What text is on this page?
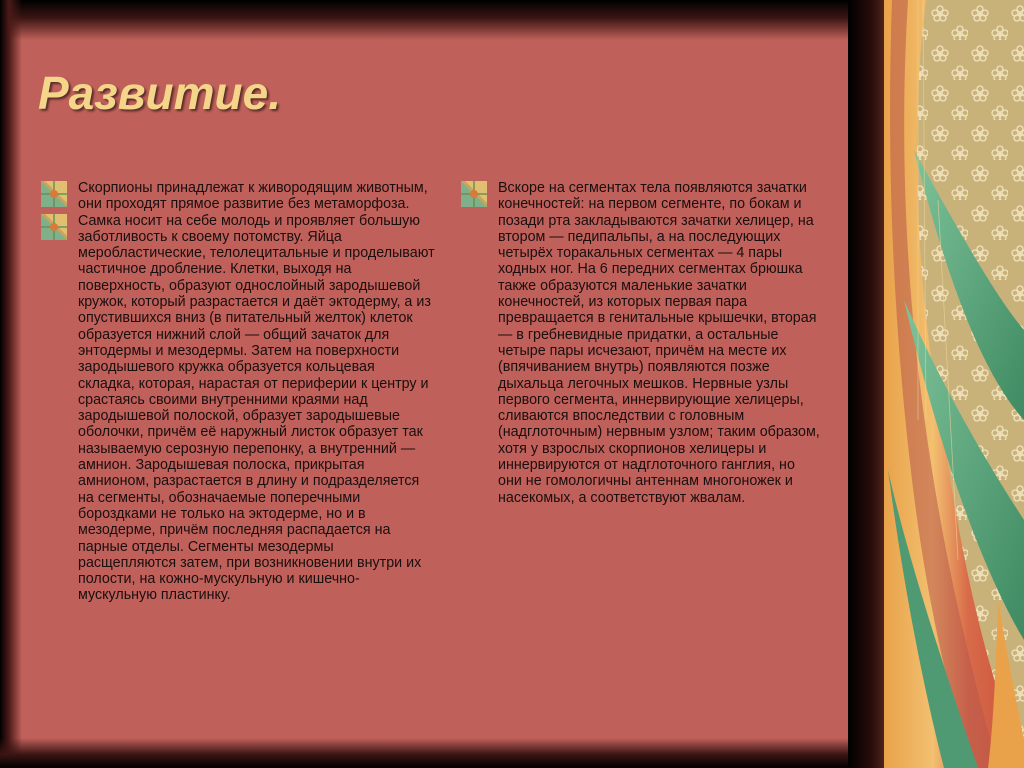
Развитие.
Скорпионы принадлежат к живородящим животным, они проходят прямое развитие без метаморфоза.
Самка носит на себе молодь и проявляет большую заботливость к своему потомству. Яйца меробластические, телолецитальные и проделывают частичное дробление. Клетки, выходя на поверхность, образуют однослойный зародышевой кружок, который разрастается и даёт эктодерму, а из опустившихся вниз (в питательный желток) клеток образуется нижний слой — общий зачаток для энтодермы и мезодермы. Затем на поверхности зародышевого кружка образуется кольцевая складка, которая, нарастая от периферии к центру и срастаясь своими внутренними краями над зародышевой полоской, образует зародышевые оболочки, причём её наружный листок образует так называемую серозную перепонку, а внутренний — амнион. Зародышевая полоска, прикрытая амнионом, разрастается в длину и подразделяется на сегменты, обозначаемые поперечными бороздками не только на эктодерме, но и в мезодерме, причём последняя распадается на парные отделы. Сегменты мезодермы расщепляются затем, при возникновении внутри их полости, на кожно-мускульную и кишечно-мускульную пластинку.
Вскоре на сегментах тела появляются зачатки конечностей: на первом сегменте, по бокам и позади рта закладываются зачатки хелицер, на втором — педипальпы, а на последующих четырёх торакальных сегментах — 4 пары ходных ног. На 6 передних сегментах брюшка также образуются маленькие зачатки конечностей, из которых первая пара превращается в генитальные крышечки, вторая — в гребневидные придатки, а остальные четыре пары исчезают, причём на месте их (впячиванием внутрь) появляются позже дыхальца легочных мешков. Нервные узлы первого сегмента, иннервирующие хелицеры, сливаются впоследствии с головным (надглоточным) нервным узлом; таким образом, хотя у взрослых скорпионов хелицеры и иннервируются от надглоточного ганглия, но они не гомологичны антеннам многоножек и насекомых, а соответствуют жвалам.
